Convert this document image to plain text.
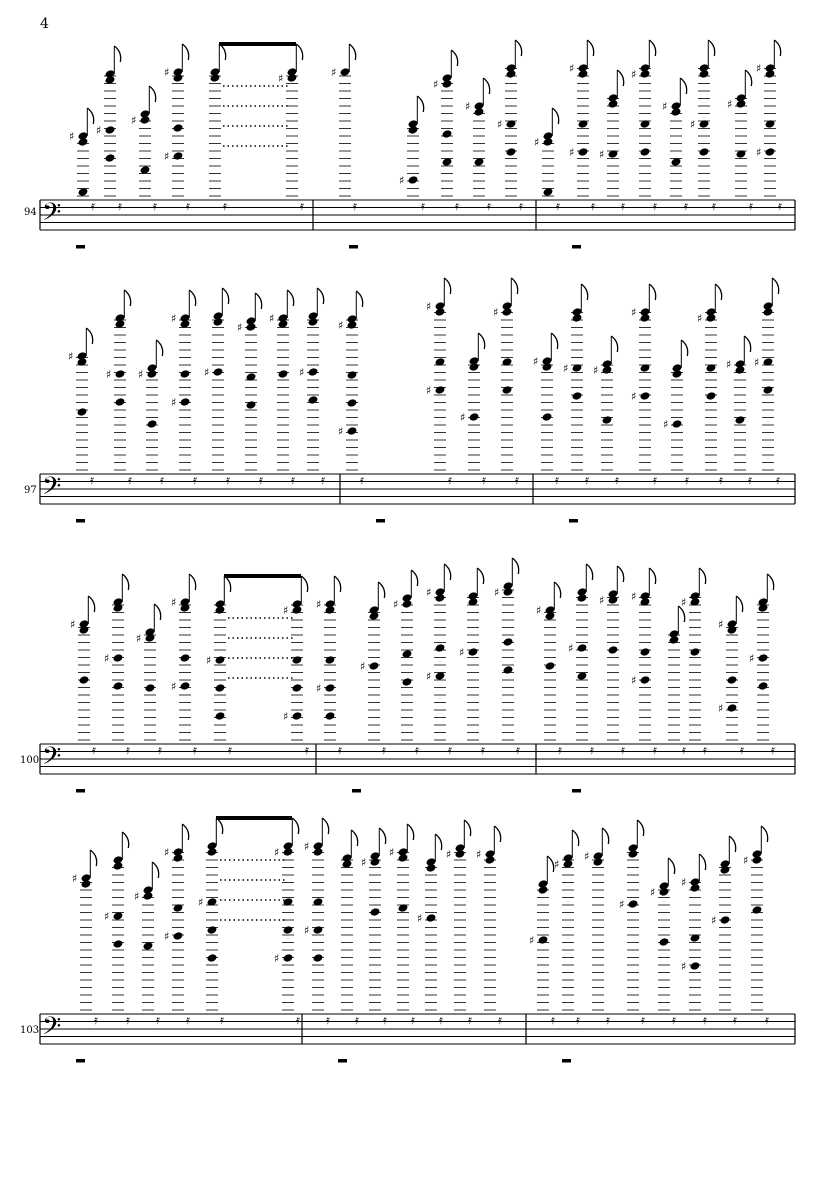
4
94
97
100
103
𝄢
♯
𝄿
♯
𝄿
♯
𝄿
♯
♯
𝄿	𝄿
♯
𝄿
♯
𝄿
♯
𝄿
♯
𝄿
♯
𝄿
♯
𝄿
♯
𝄿
♯
♯
𝄿
♯
𝄿
♯
𝄿
♯
𝄿
♯
𝄿
♯
𝄿
♯
♯
𝄿
𝄢
♯
𝄿
♯
𝄿
♯
𝄿
♯
♯
𝄿
♯
𝄿
♯
𝄿
♯
𝄿
♯
𝄿
♯
♯
𝄿
♯
♯
𝄿
♯
𝄿
♯
𝄿
♯
𝄿
♯
𝄿
♯
𝄿
♯
♯
𝄿
♯
𝄿
♯
𝄿
♯
𝄿
♯
𝄿
𝄢
♯
𝄿
♯
𝄿
♯
𝄿
♯
♯
𝄿
♯
𝄿
♯
♯
𝄿
♯
♯
𝄿
♯
𝄿
♯
𝄿
♯
♯
𝄿
♯
𝄿
♯
𝄿
♯
𝄿
♯
𝄿
♯
𝄿
♯
♯
𝄿 𝄿
♯
𝄿
♯
♯
𝄿
♯
𝄿
𝄢
♯
𝄿
♯
𝄿
♯
𝄿
♯
♯
𝄿
♯
𝄿
♯
♯
𝄿
♯
♯
𝄿 𝄿
♯
𝄿
♯
𝄿
♯
𝄿
♯
𝄿
♯
𝄿
♯
𝄿
♯
𝄿
♯
𝄿
♯
𝄿
♯
𝄿
♯
♯
𝄿
♯
𝄿
♯
𝄿
